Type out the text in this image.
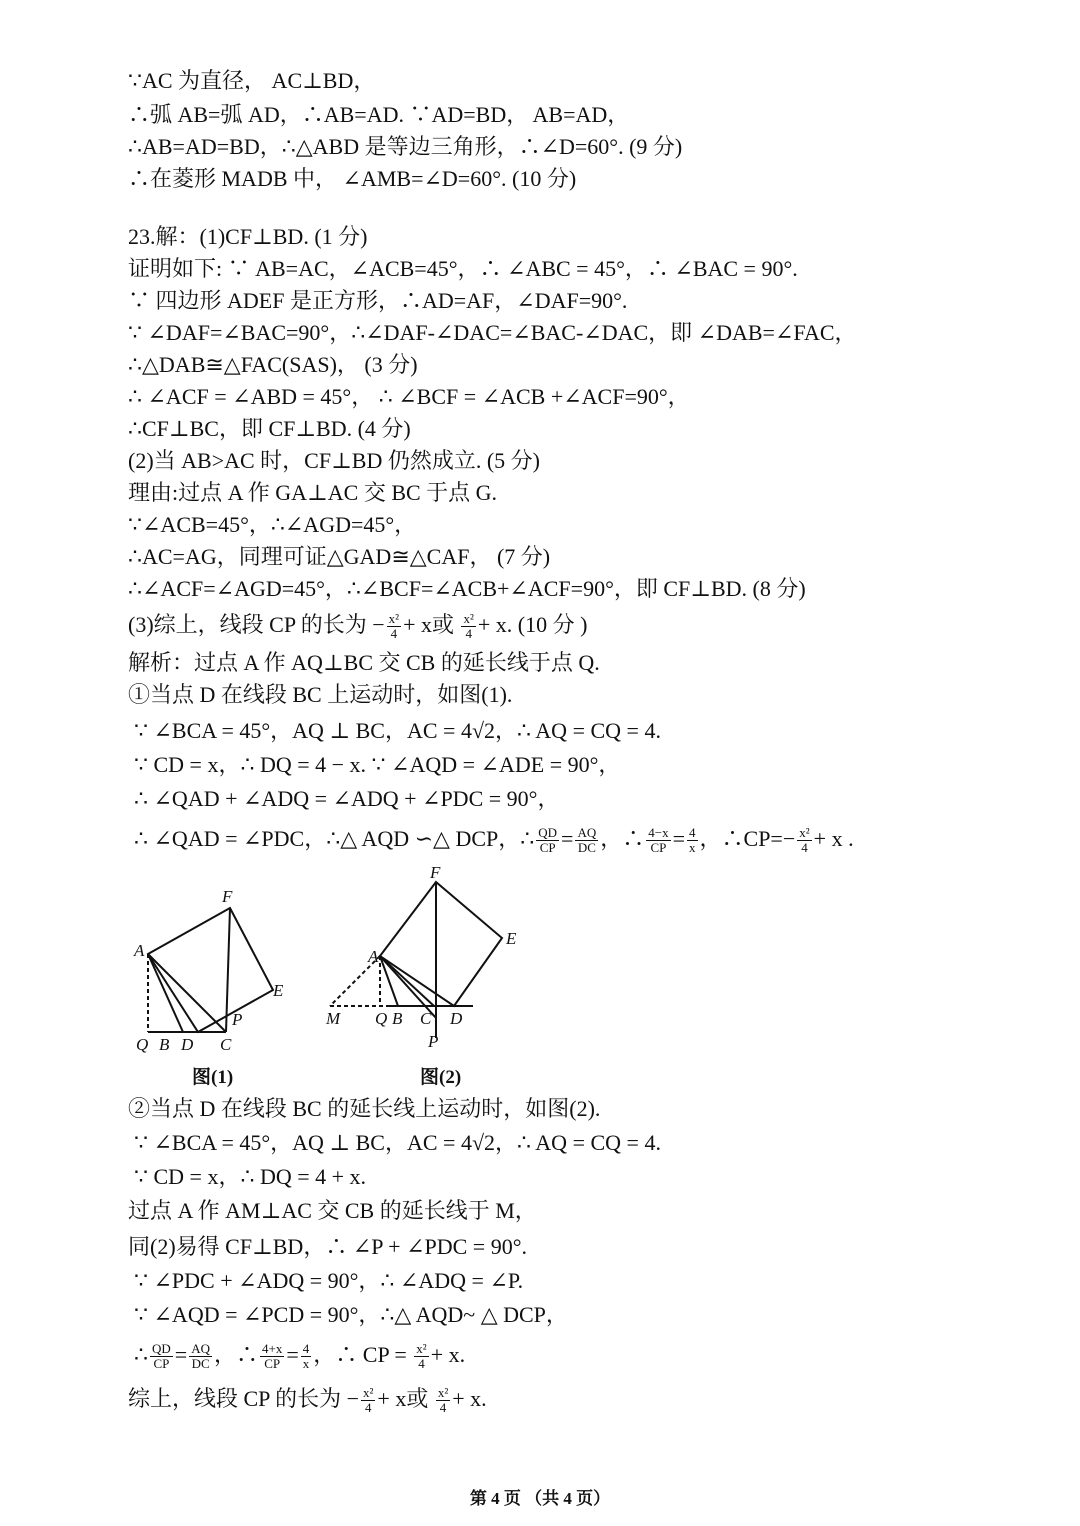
∵AC 为直径， AC⊥BD，
∴弧 AB=弧 AD，∴AB=AD. ∵AD=BD， AB=AD，
∴AB=AD=BD，∴△ABD 是等边三角形，∴∠D=60°. (9 分)
∴在菱形 MADB 中， ∠AMB=∠D=60°. (10 分)
23.解：(1)CF⊥BD. (1 分)
证明如下: ∵ AB=AC，∠ACB=45°，∴ ∠ABC = 45°，∴ ∠BAC = 90°.
∵ 四边形 ADEF 是正方形，∴AD=AF，∠DAF=90°.
∵ ∠DAF=∠BAC=90°，∴∠DAF-∠DAC=∠BAC-∠DAC，即 ∠DAB=∠FAC，
∴△DAB≅△FAC(SAS)， (3 分)
∴ ∠ACF = ∠ABD = 45°， ∴ ∠BCF = ∠ACB +∠ACF=90°，
∴CF⊥BC，即 CF⊥BD. (4 分)
(2)当 AB>AC 时，CF⊥BD 仍然成立. (5 分)
理由:过点 A 作 GA⊥AC 交 BC 于点 G.
∵∠ACB=45°，∴∠AGD=45°，
∴AC=AG，同理可证△GAD≅△CAF， (7 分)
∴∠ACF=∠AGD=45°，∴∠BCF=∠ACB+∠ACF=90°，即 CF⊥BD. (8 分)
(3)综上，线段 CP 的长为 − $\frac{\text{x²}}{4} + x$或 $\frac{\text{x²}}{4} + x$. (10 分 )
解析：过点 A 作 AQ⊥BC 交 CB 的延长线于点 Q.
①当点 D 在线段 BC 上运动时，如图(1).
∵ ∠BCA = 45°，AQ ⊥ BC，AC = 4√2，∴ AQ = CQ = 4.
∵ CD = x，∴ DQ = 4 − x. ∵ ∠AQD = ∠ADE = 90°，
∴ ∠QAD + ∠ADQ = ∠ADQ + ∠PDC = 90°，
∴ ∠QAD = ∠PDC，∴△ AQD ∽△ DCP，∴ $\frac{QD}{CP} = \frac{AQ}{DC}$ ，∴ $\frac{4-x}{CP} = \frac{4}{x}$ ，∴CP=− $\frac{\text{x²}}{4} + x$ .
F
A
E
P
Q B D C
图(1)
F
E
A
M Q B C D
P
图(2)
②当点 D 在线段 BC 的延长线上运动时，如图(2).
∵ ∠BCA = 45°，AQ ⊥ BC，AC = 4√2，∴ AQ = CQ = 4.
∵ CD = x，∴ DQ = 4 + x.
过点 A 作 AM⊥AC 交 CB 的延长线于 M，
同(2)易得 CF⊥BD，∴ ∠P + ∠PDC = 90°.
∵ ∠PDC + ∠ADQ = 90°，∴ ∠ADQ = ∠P.
∵ ∠AQD = ∠PCD = 90°，∴△ AQD~ △ DCP，
∴ $\frac{QD}{CP} = \frac{AQ}{DC}$ ，∴ $\frac{4+x}{CP} = \frac{4}{x}$ ，∴ CP = $\frac{\text{x²}}{4} + x$.
综上，线段 CP 的长为 − $\frac{\text{x²}}{4} + x$或 $\frac{\text{x²}}{4} + x$.
第 4 页 （共 4 页）
